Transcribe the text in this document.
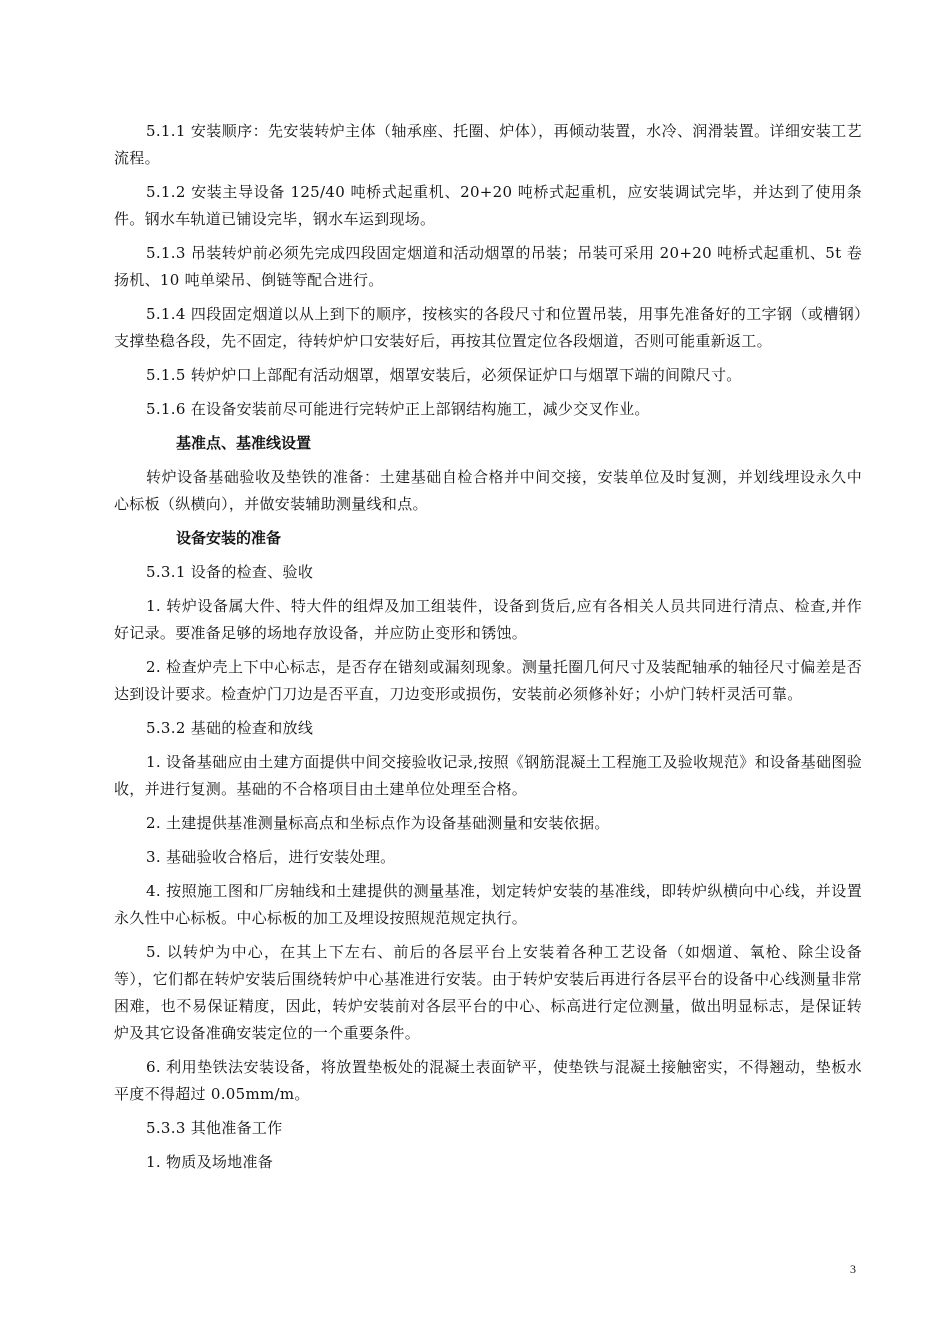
5.1.1 安装顺序：先安装转炉主体（轴承座、托圈、炉体），再倾动装置，水冷、润滑装置。详细安装工艺流程。

5.1.2 安装主导设备 125/40 吨桥式起重机、20+20 吨桥式起重机，应安装调试完毕，并达到了使用条件。钢水车轨道已铺设完毕，钢水车运到现场。

5.1.3 吊装转炉前必须先完成四段固定烟道和活动烟罩的吊装；吊装可采用 20+20 吨桥式起重机、5t 卷扬机、10 吨单梁吊、倒链等配合进行。

5.1.4 四段固定烟道以从上到下的顺序，按核实的各段尺寸和位置吊装，用事先准备好的工字钢（或槽钢）支撑垫稳各段，先不固定，待转炉炉口安装好后，再按其位置定位各段烟道，否则可能重新返工。

5.1.5 转炉炉口上部配有活动烟罩，烟罩安装后，必须保证炉口与烟罩下端的间隙尺寸。

5.1.6 在设备安装前尽可能进行完转炉正上部钢结构施工，减少交叉作业。

基准点、基准线设置

转炉设备基础验收及垫铁的准备：土建基础自检合格并中间交接，安装单位及时复测，并划线埋设永久中心标板（纵横向），并做安装辅助测量线和点。

设备安装的准备

5.3.1 设备的检查、验收

1. 转炉设备属大件、特大件的组焊及加工组装件，设备到货后,应有各相关人员共同进行清点、检查,并作好记录。要准备足够的场地存放设备，并应防止变形和锈蚀。

2. 检查炉壳上下中心标志，是否存在错刻或漏刻现象。测量托圈几何尺寸及装配轴承的轴径尺寸偏差是否达到设计要求。检查炉门刀边是否平直，刀边变形或损伤，安装前必须修补好；小炉门转杆灵活可靠。

5.3.2 基础的检查和放线

1. 设备基础应由土建方面提供中间交接验收记录,按照《钢筋混凝土工程施工及验收规范》和设备基础图验收，并进行复测。基础的不合格项目由土建单位处理至合格。

2. 土建提供基准测量标高点和坐标点作为设备基础测量和安装依据。

3. 基础验收合格后，进行安装处理。

4. 按照施工图和厂房轴线和土建提供的测量基准，划定转炉安装的基准线，即转炉纵横向中心线，并设置永久性中心标板。中心标板的加工及埋设按照规范规定执行。

5. 以转炉为中心，在其上下左右、前后的各层平台上安装着各种工艺设备（如烟道、氧枪、除尘设备等），它们都在转炉安装后围绕转炉中心基准进行安装。由于转炉安装后再进行各层平台的设备中心线测量非常困难，也不易保证精度，因此，转炉安装前对各层平台的中心、标高进行定位测量，做出明显标志，是保证转炉及其它设备准确安装定位的一个重要条件。

6. 利用垫铁法安装设备，将放置垫板处的混凝土表面铲平，使垫铁与混凝土接触密实，不得翘动，垫板水平度不得超过 0.05mm/m。

5.3.3 其他准备工作

1. 物质及场地准备

3
